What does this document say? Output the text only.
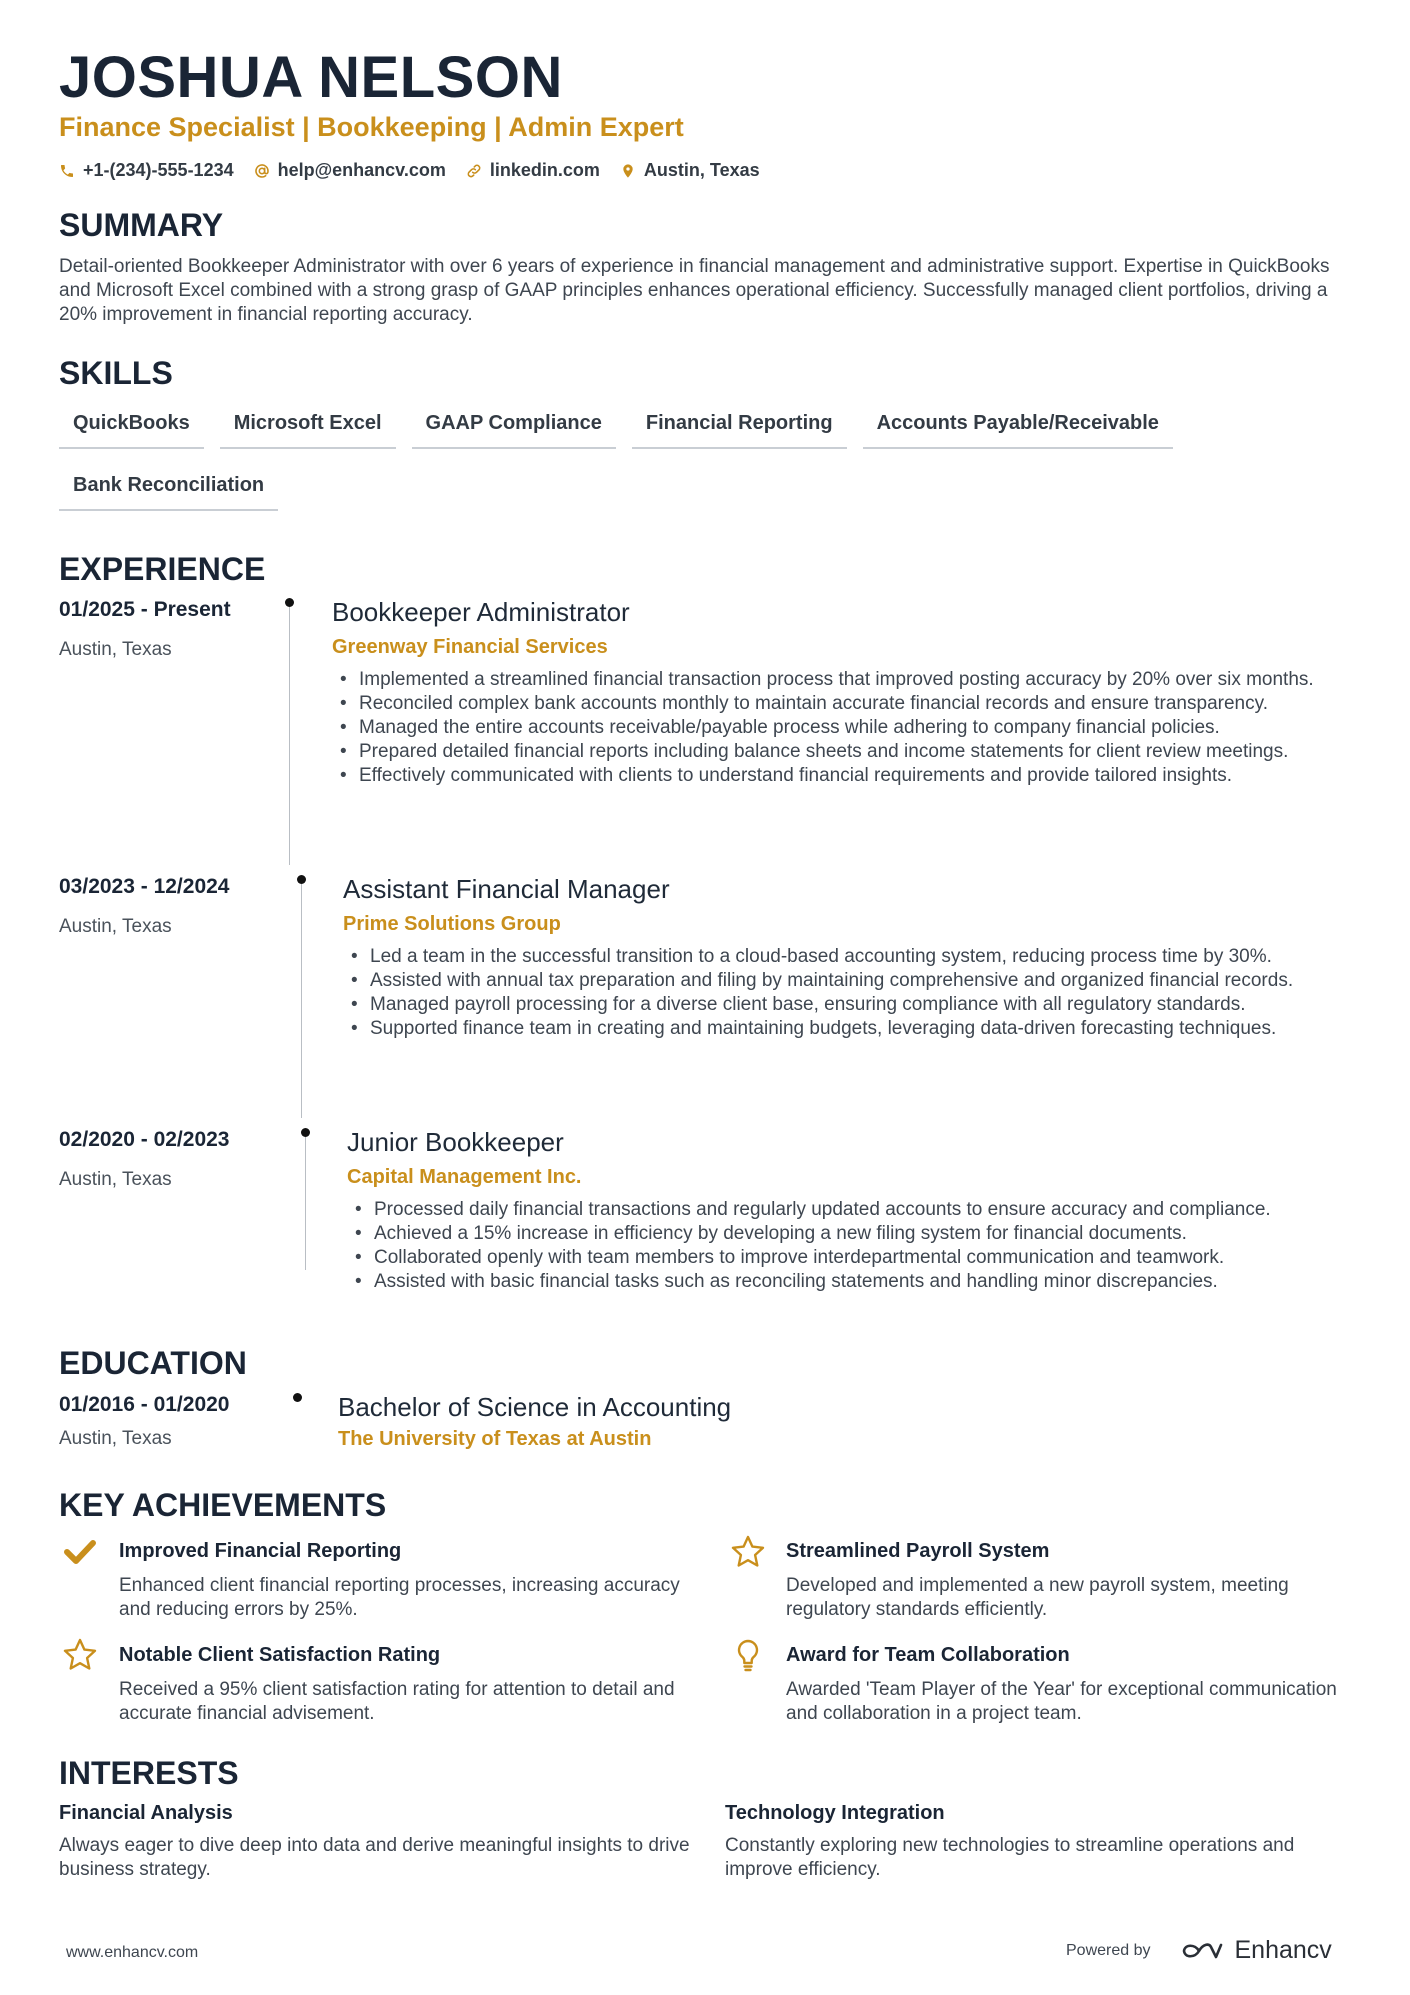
JOSHUA NELSON
Finance Specialist | Bookkeeping | Admin Expert
+1-(234)-555-1234 help@enhancv.com linkedin.com Austin, Texas
SUMMARY
Detail-oriented Bookkeeper Administrator with over 6 years of experience in financial management and administrative support. Expertise in QuickBooks and Microsoft Excel combined with a strong grasp of GAAP principles enhances operational efficiency. Successfully managed client portfolios, driving a 20% improvement in financial reporting accuracy.
SKILLS
QuickBooks	Microsoft Excel	GAAP Compliance	Financial Reporting	Accounts Payable/Receivable
Bank Reconciliation
EXPERIENCE
01/2025 - Present
Austin, Texas
Bookkeeper Administrator
Greenway Financial Services
• Implemented a streamlined financial transaction process that improved posting accuracy by 20% over six months.
• Reconciled complex bank accounts monthly to maintain accurate financial records and ensure transparency.
• Managed the entire accounts receivable/payable process while adhering to company financial policies.
• Prepared detailed financial reports including balance sheets and income statements for client review meetings.
• Effectively communicated with clients to understand financial requirements and provide tailored insights.
03/2023 - 12/2024
Austin, Texas
Assistant Financial Manager
Prime Solutions Group
• Led a team in the successful transition to a cloud-based accounting system, reducing process time by 30%.
• Assisted with annual tax preparation and filing by maintaining comprehensive and organized financial records.
• Managed payroll processing for a diverse client base, ensuring compliance with all regulatory standards.
• Supported finance team in creating and maintaining budgets, leveraging data-driven forecasting techniques.
02/2020 - 02/2023
Austin, Texas
Junior Bookkeeper
Capital Management Inc.
• Processed daily financial transactions and regularly updated accounts to ensure accuracy and compliance.
• Achieved a 15% increase in efficiency by developing a new filing system for financial documents.
• Collaborated openly with team members to improve interdepartmental communication and teamwork.
• Assisted with basic financial tasks such as reconciling statements and handling minor discrepancies.
EDUCATION
01/2016 - 01/2020
Austin, Texas
Bachelor of Science in Accounting
The University of Texas at Austin
KEY ACHIEVEMENTS
Improved Financial Reporting
Enhanced client financial reporting processes, increasing accuracy and reducing errors by 25%.
Streamlined Payroll System
Developed and implemented a new payroll system, meeting regulatory standards efficiently.
Notable Client Satisfaction Rating
Received a 95% client satisfaction rating for attention to detail and accurate financial advisement.
Award for Team Collaboration
Awarded 'Team Player of the Year' for exceptional communication and collaboration in a project team.
INTERESTS
Financial Analysis
Always eager to dive deep into data and derive meaningful insights to drive business strategy.
Technology Integration
Constantly exploring new technologies to streamline operations and improve efficiency.
www.enhancv.com	Powered by	Enhancv
